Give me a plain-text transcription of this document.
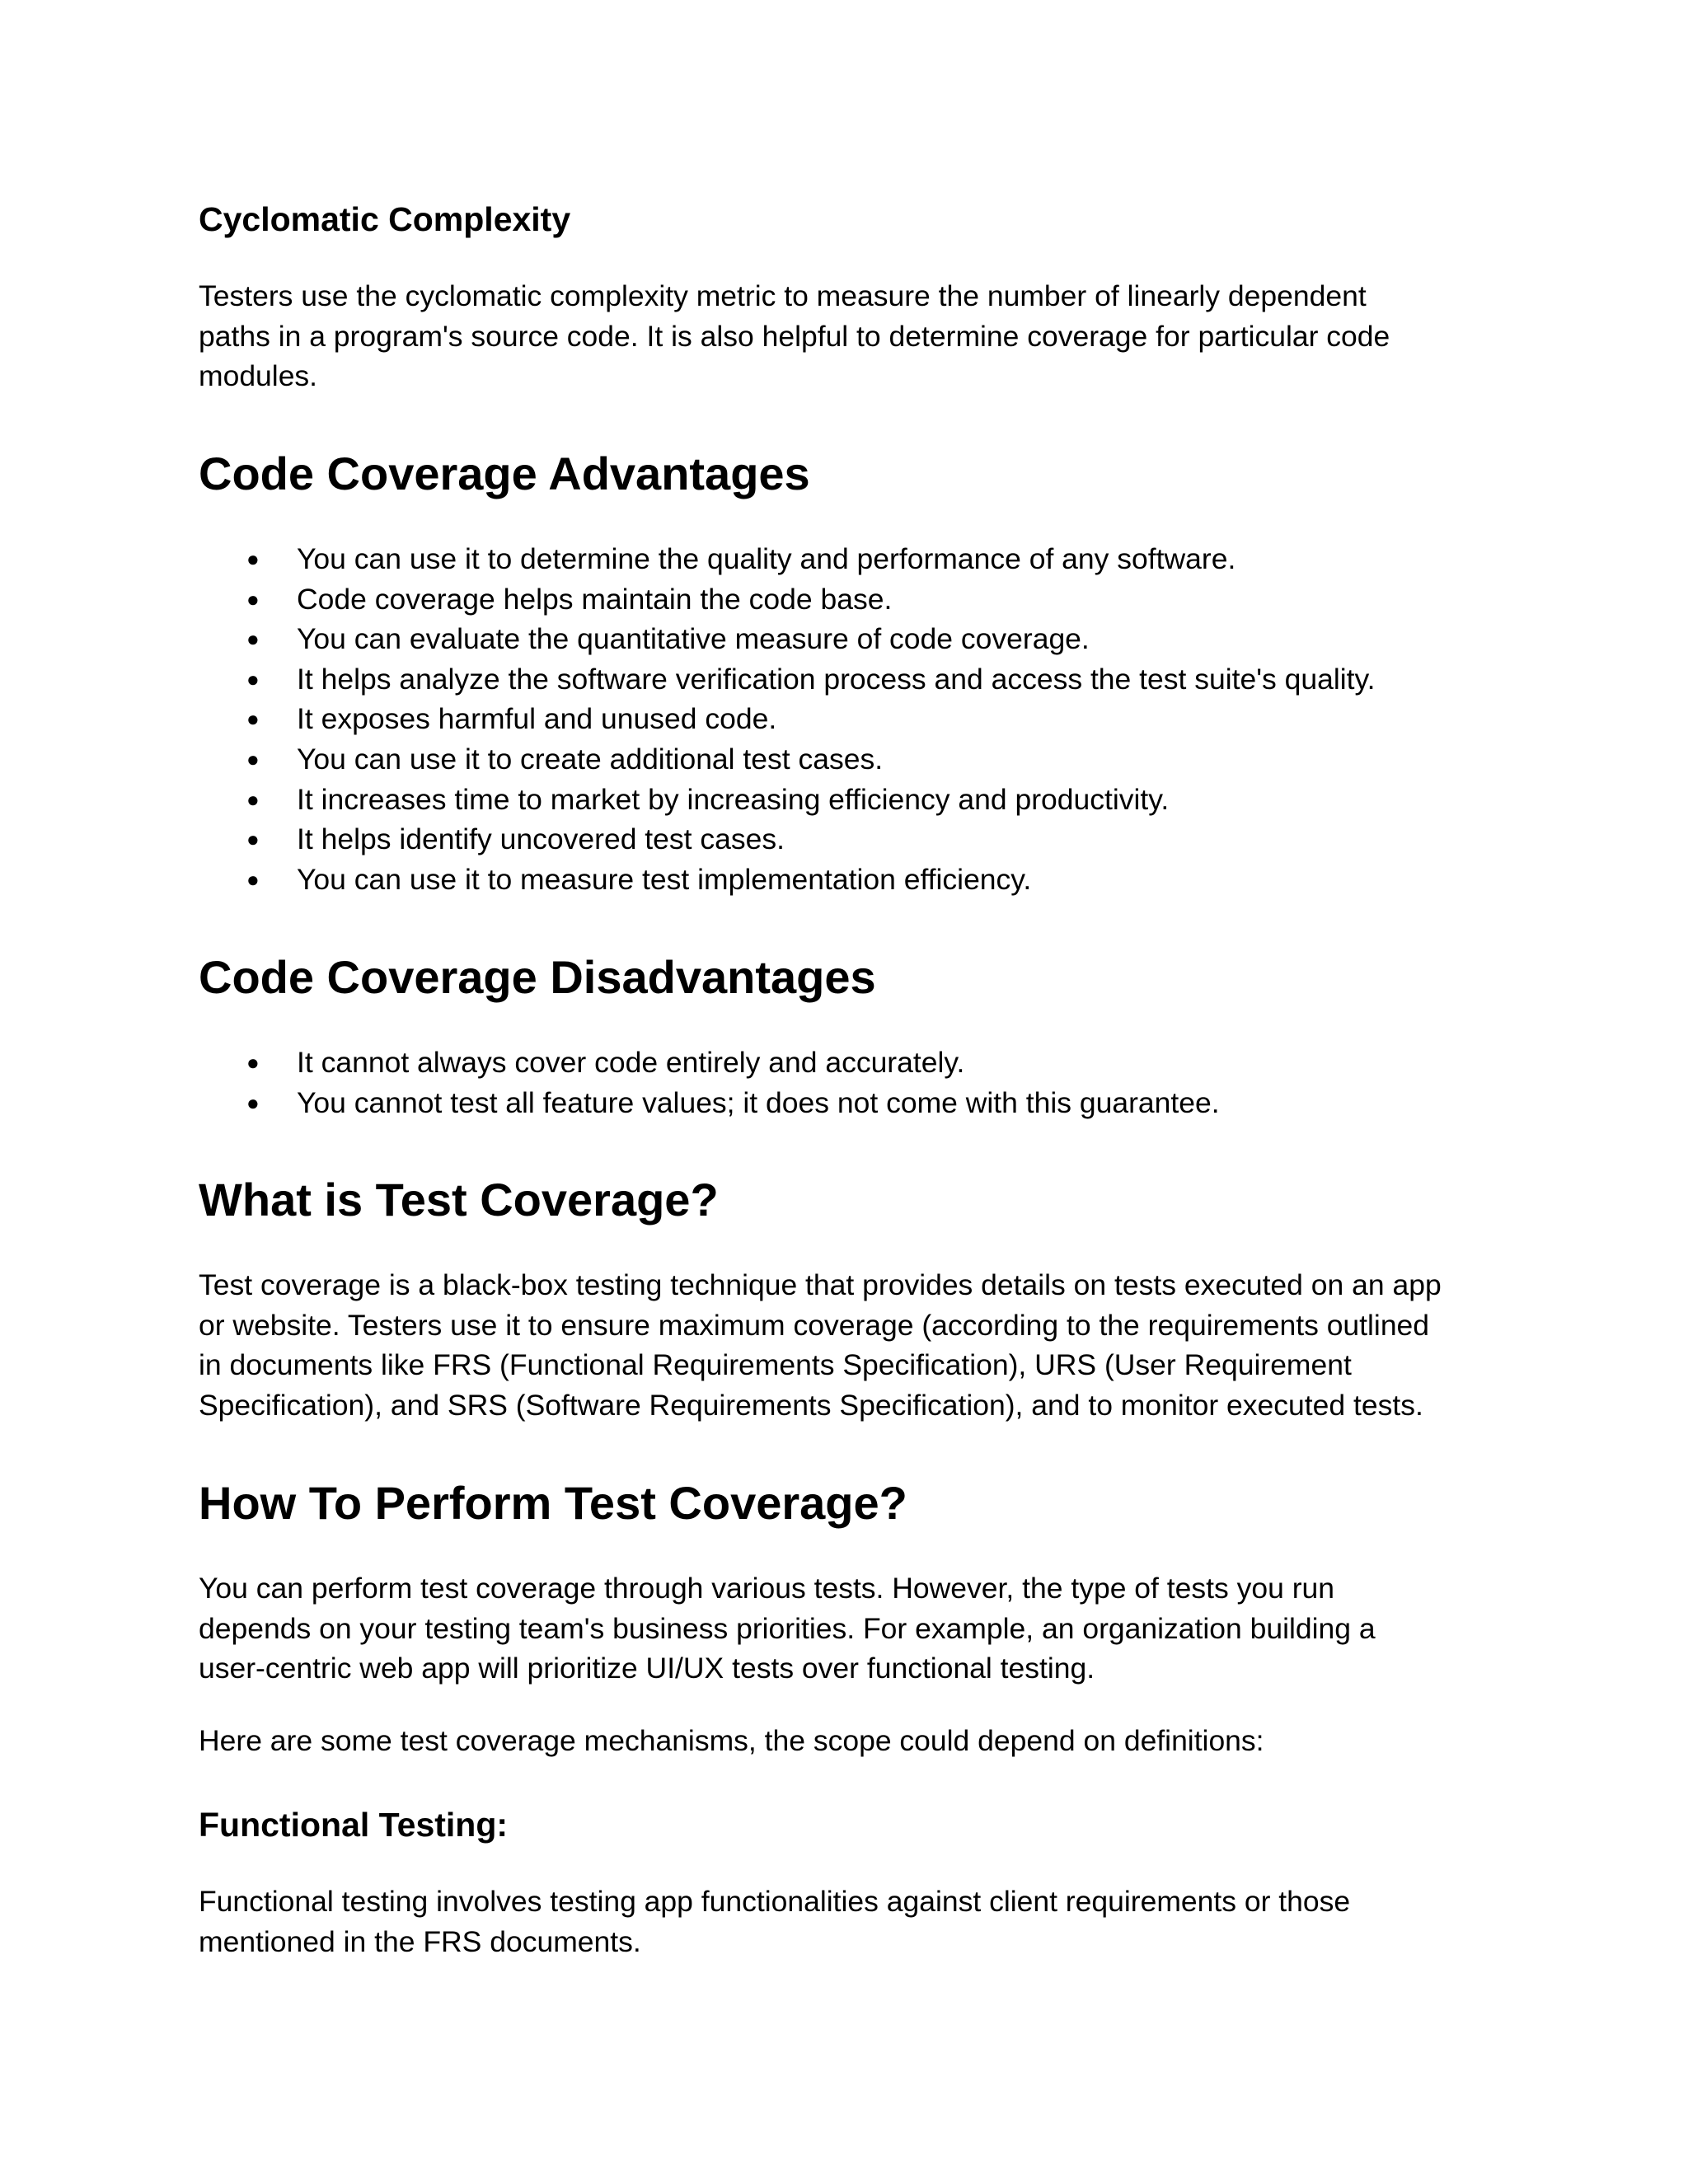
Cyclomatic Complexity
Testers use the cyclomatic complexity metric to measure the number of linearly dependent
paths in a program's source code. It is also helpful to determine coverage for particular code
modules.
Code Coverage Advantages
● You can use it to determine the quality and performance of any software.
● Code coverage helps maintain the code base.
● You can evaluate the quantitative measure of code coverage.
● It helps analyze the software verification process and access the test suite's quality.
● It exposes harmful and unused code.
● You can use it to create additional test cases.
● It increases time to market by increasing efficiency and productivity.
● It helps identify uncovered test cases.
● You can use it to measure test implementation efficiency.
Code Coverage Disadvantages
● It cannot always cover code entirely and accurately.
● You cannot test all feature values; it does not come with this guarantee.
What is Test Coverage?
Test coverage is a black-box testing technique that provides details on tests executed on an app
or website. Testers use it to ensure maximum coverage (according to the requirements outlined
in documents like FRS (Functional Requirements Specification), URS (User Requirement
Specification), and SRS (Software Requirements Specification), and to monitor executed tests.
How To Perform Test Coverage?
You can perform test coverage through various tests. However, the type of tests you run
depends on your testing team's business priorities. For example, an organization building a
user-centric web app will prioritize UI/UX tests over functional testing.
Here are some test coverage mechanisms, the scope could depend on definitions:
Functional Testing:
Functional testing involves testing app functionalities against client requirements or those
mentioned in the FRS documents.
